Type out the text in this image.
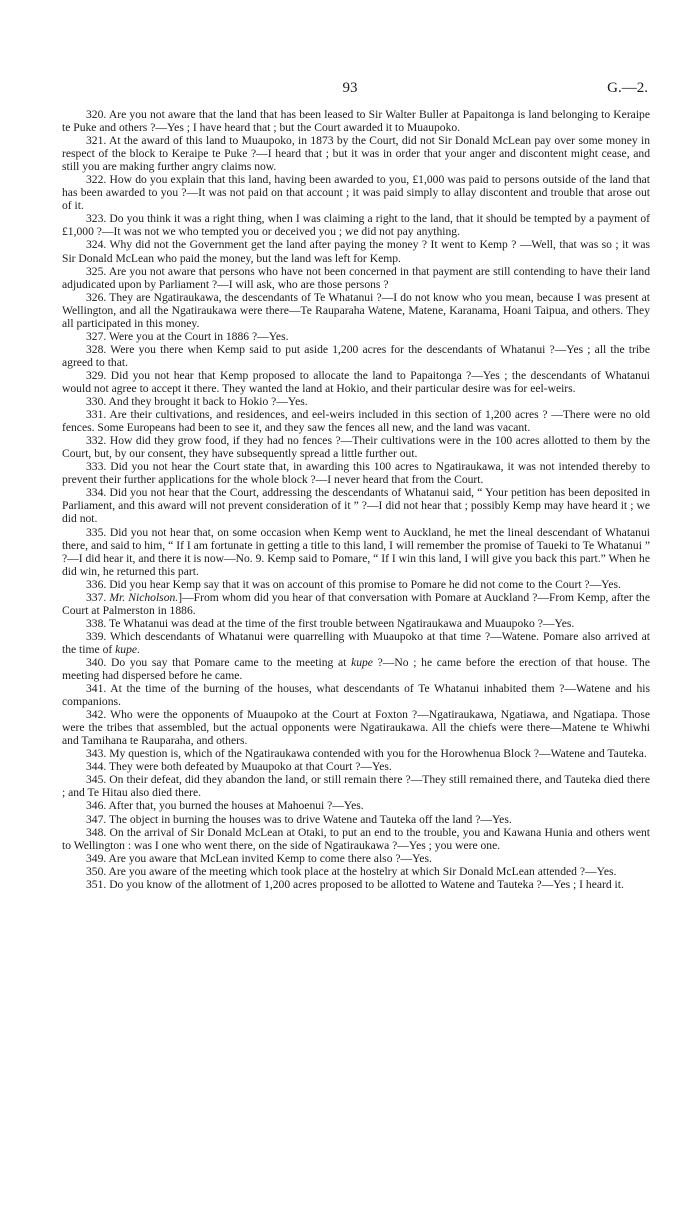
93	G.—2.

320. Are you not aware that the land that has been leased to Sir Walter Buller at Papaitonga is land belonging to Keraipe te Puke and others ?—Yes ; I have heard that ; but the Court awarded it to Muaupoko.

321. At the award of this land to Muaupoko, in 1873 by the Court, did not Sir Donald McLean pay over some money in respect of the block to Keraipe te Puke ?—I heard that ; but it was in order that your anger and discontent might cease, and still you are making further angry claims now.

322. How do you explain that this land, having been awarded to you, £1,000 was paid to persons outside of the land that has been awarded to you ?—It was not paid on that account ; it was paid simply to allay discontent and trouble that arose out of it.

323. Do you think it was a right thing, when I was claiming a right to the land, that it should be tempted by a payment of £1,000 ?—It was not we who tempted you or deceived you ; we did not pay anything.

324. Why did not the Government get the land after paying the money ? It went to Kemp ? —Well, that was so ; it was Sir Donald McLean who paid the money, but the land was left for Kemp.

325. Are you not aware that persons who have not been concerned in that payment are still contending to have their land adjudicated upon by Parliament ?—I will ask, who are those persons ?

326. They are Ngatiraukawa, the descendants of Te Whatanui ?—I do not know who you mean, because I was present at Wellington, and all the Ngatiraukawa were there—Te Rauparaha Watene, Matene, Karanama, Hoani Taipua, and others. They all participated in this money.

327. Were you at the Court in 1886 ?—Yes.

328. Were you there when Kemp said to put aside 1,200 acres for the descendants of Whatanui ?—Yes ; all the tribe agreed to that.

329. Did you not hear that Kemp proposed to allocate the land to Papaitonga ?—Yes ; the descendants of Whatanui would not agree to accept it there. They wanted the land at Hokio, and their particular desire was for eel-weirs.

330. And they brought it back to Hokio ?—Yes.

331. Are their cultivations, and residences, and eel-weirs included in this section of 1,200 acres ? —There were no old fences. Some Europeans had been to see it, and they saw the fences all new, and the land was vacant.

332. How did they grow food, if they had no fences ?—Their cultivations were in the 100 acres allotted to them by the Court, but, by our consent, they have subsequently spread a little further out.

333. Did you not hear the Court state that, in awarding this 100 acres to Ngatiraukawa, it was not intended thereby to prevent their further applications for the whole block ?—I never heard that from the Court.

334. Did you not hear that the Court, addressing the descendants of Whatanui said, “ Your petition has been deposited in Parliament, and this award will not prevent consideration of it ” ?—I did not hear that ; possibly Kemp may have heard it ; we did not.

335. Did you not hear that, on some occasion when Kemp went to Auckland, he met the lineal descendant of Whatanui there, and said to him, “ If I am fortunate in getting a title to this land, I will remember the promise of Taueki to Te Whatanui ” ?—I did hear it, and there it is now—No. 9. Kemp said to Pomare, “ If I win this land, I will give you back this part.” When he did win, he returned this part.

336. Did you hear Kemp say that it was on account of this promise to Pomare he did not come to the Court ?—Yes.

337. Mr. Nicholson.]—From whom did you hear of that conversation with Pomare at Auckland ?—From Kemp, after the Court at Palmerston in 1886.

338. Te Whatanui was dead at the time of the first trouble between Ngatiraukawa and Muaupoko ?—Yes.

339. Which descendants of Whatanui were quarrelling with Muaupoko at that time ?—Watene. Pomare also arrived at the time of kupe.

340. Do you say that Pomare came to the meeting at kupe ?—No ; he came before the erection of that house. The meeting had dispersed before he came.

341. At the time of the burning of the houses, what descendants of Te Whatanui inhabited them ?—Watene and his companions.

342. Who were the opponents of Muaupoko at the Court at Foxton ?—Ngatiraukawa, Ngatiawa, and Ngatiapa. Those were the tribes that assembled, but the actual opponents were Ngatiraukawa. All the chiefs were there—Matene te Whiwhi and Tamihana te Rauparaha, and others.

343. My question is, which of the Ngatiraukawa contended with you for the Horowhenua Block ?—Watene and Tauteka.

344. They were both defeated by Muaupoko at that Court ?—Yes.

345. On their defeat, did they abandon the land, or still remain there ?—They still remained there, and Tauteka died there ; and Te Hitau also died there.

346. After that, you burned the houses at Mahoenui ?—Yes.

347. The object in burning the houses was to drive Watene and Tauteka off the land ?—Yes.

348. On the arrival of Sir Donald McLean at Otaki, to put an end to the trouble, you and Kawana Hunia and others went to Wellington : was I one who went there, on the side of Ngatiraukawa ?—Yes ; you were one.

349. Are you aware that McLean invited Kemp to come there also ?—Yes.

350. Are you aware of the meeting which took place at the hostelry at which Sir Donald McLean attended ?—Yes.

351. Do you know of the allotment of 1,200 acres proposed to be allotted to Watene and Tauteka ?—Yes ; I heard it.
